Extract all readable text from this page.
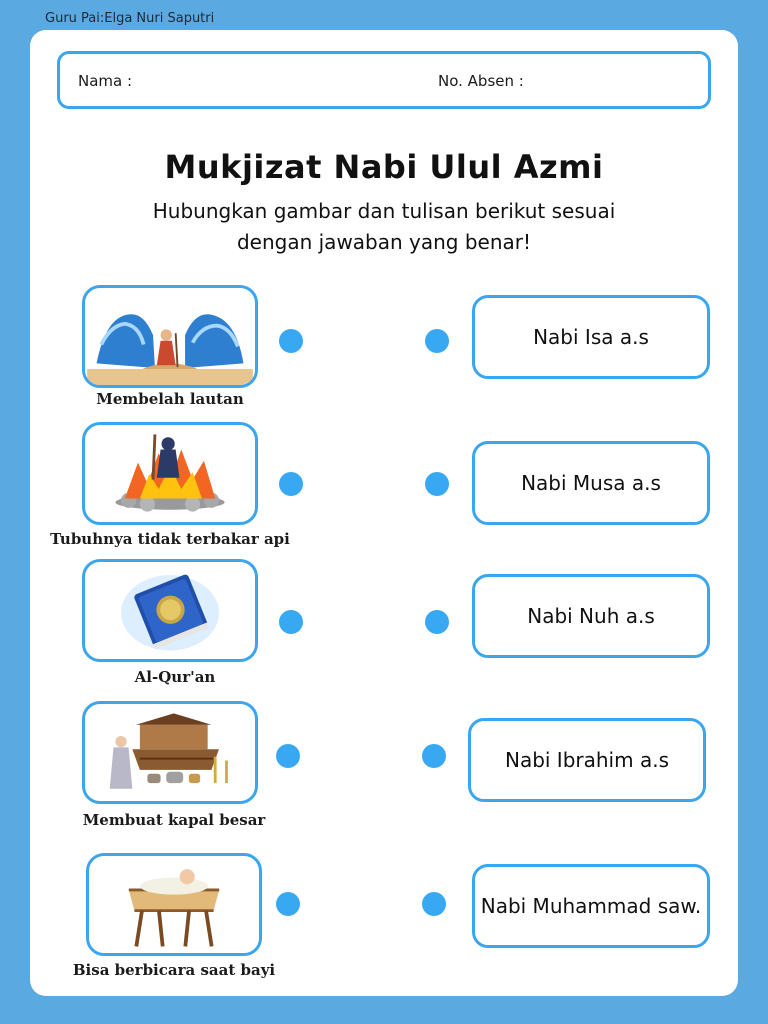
Guru Pai:Elga Nuri Saputri
Nama :	No. Absen :
Mukjizat Nabi Ulul Azmi
Hubungkan gambar dan tulisan berikut sesuai
dengan jawaban yang benar!
Membelah lautan
Nabi Isa a.s
Tubuhnya tidak terbakar api
Nabi Musa a.s
Al-Qur'an
Nabi Nuh a.s
Membuat kapal besar
Nabi Ibrahim a.s
Bisa berbicara saat bayi
Nabi Muhammad saw.
